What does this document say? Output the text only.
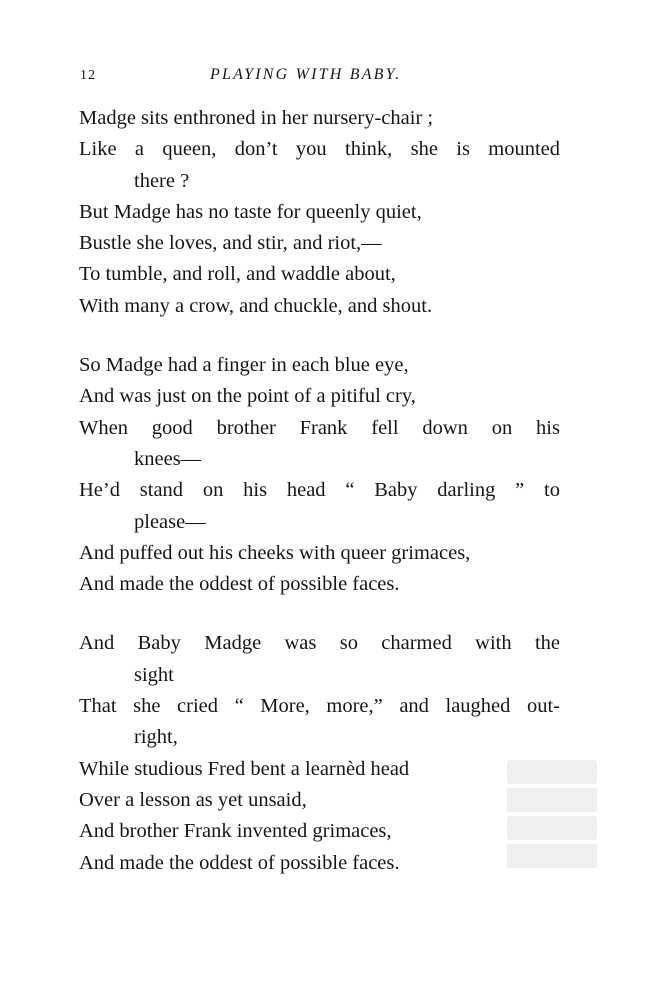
12	PLAYING WITH BABY.
Madge sits enthroned in her nursery-chair ;
Like a queen, don’t you think, she is mounted
there ?
But Madge has no taste for queenly quiet,
Bustle she loves, and stir, and riot,—
To tumble, and roll, and waddle about,
With many a crow, and chuckle, and shout.
So Madge had a finger in each blue eye,
And was just on the point of a pitiful cry,
When good brother Frank fell down on his
knees—
He’d stand on his head “ Baby darling ” to
please—
And puffed out his cheeks with queer grimaces,
And made the oddest of possible faces.
And Baby Madge was so charmed with the
sight
That she cried “ More, more,” and laughed out-
right,
While studious Fred bent a learnèd head
Over a lesson as yet unsaid,
And brother Frank invented grimaces,
And made the oddest of possible faces.
